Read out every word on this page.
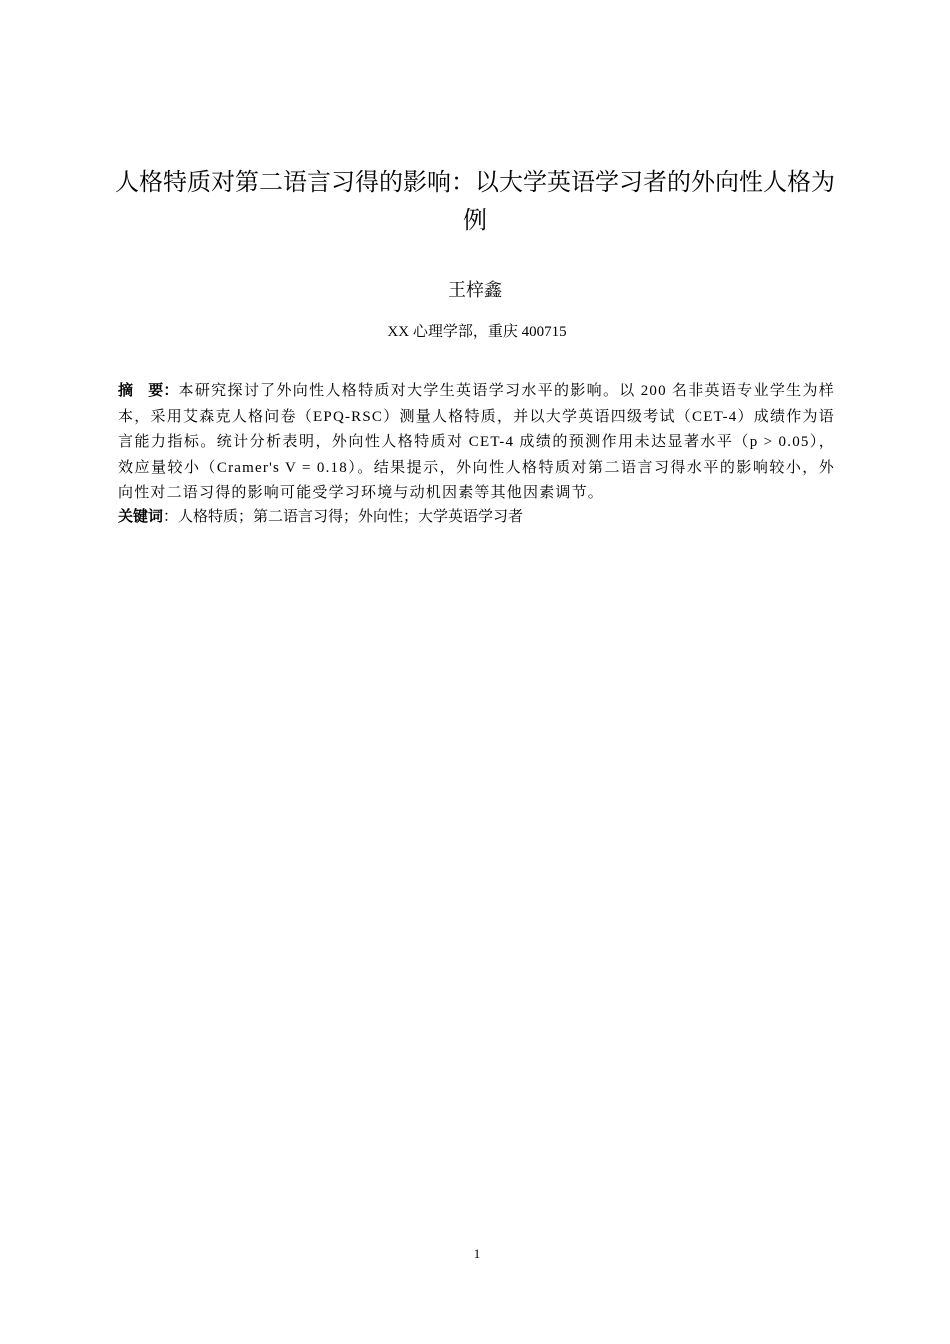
人格特质对第二语言习得的影响：以大学英语学习者的外向性人格为例
王梓鑫
XX 心理学部，重庆 400715

摘　要：本研究探讨了外向性人格特质对大学生英语学习水平的影响。以 200 名非英语专业学生为样本，采用艾森克人格问卷（EPQ-RSC）测量人格特质，并以大学英语四级考试（CET-4）成绩作为语言能力指标。统计分析表明，外向性人格特质对 CET-4 成绩的预测作用未达显著水平（p > 0.05），效应量较小（Cramer's V = 0.18）。结果提示，外向性人格特质对第二语言习得水平的影响较小，外向性对二语习得的影响可能受学习环境与动机因素等其他因素调节。

关键词：人格特质；第二语言习得；外向性；大学英语学习者

1
